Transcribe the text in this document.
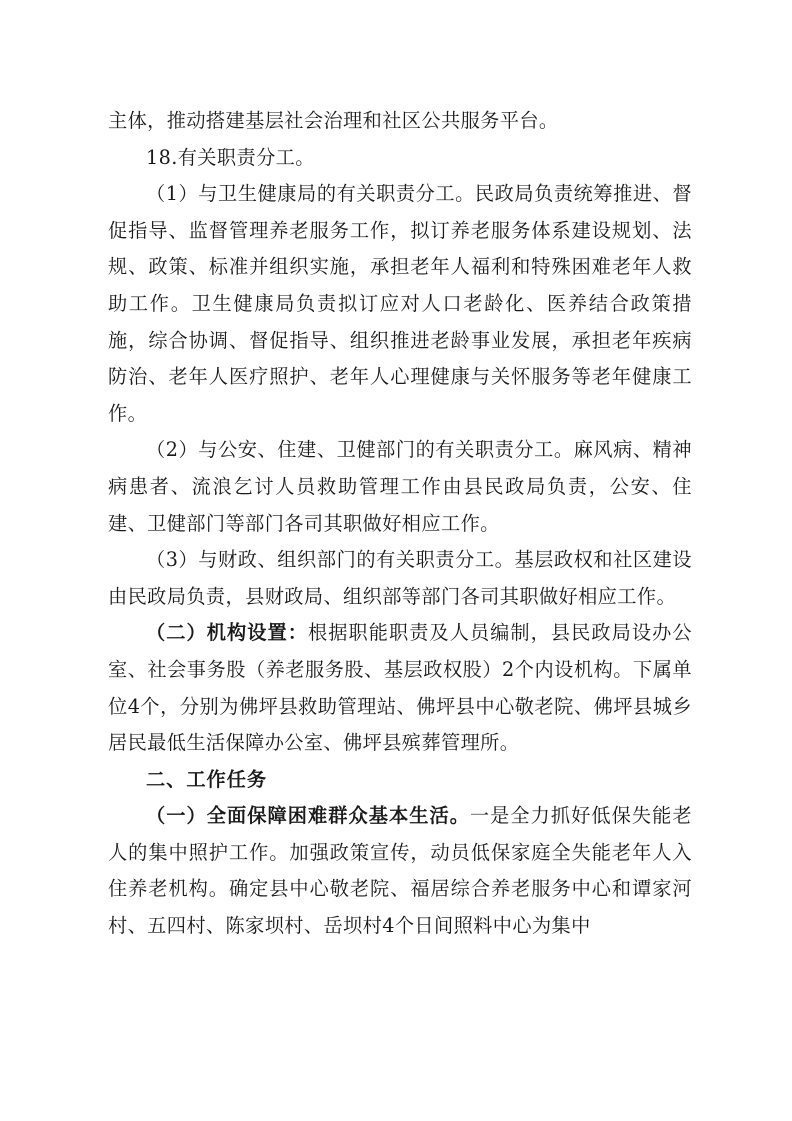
主体，推动搭建基层社会治理和社区公共服务平台。

18.有关职责分工。

（1）与卫生健康局的有关职责分工。民政局负责统筹推进、督促指导、监督管理养老服务工作，拟订养老服务体系建设规划、法规、政策、标准并组织实施，承担老年人福利和特殊困难老年人救助工作。卫生健康局负责拟订应对人口老龄化、医养结合政策措施，综合协调、督促指导、组织推进老龄事业发展，承担老年疾病防治、老年人医疗照护、老年人心理健康与关怀服务等老年健康工作。

（2）与公安、住建、卫健部门的有关职责分工。麻风病、精神病患者、流浪乞讨人员救助管理工作由县民政局负责，公安、住建、卫健部门等部门各司其职做好相应工作。

（3）与财政、组织部门的有关职责分工。基层政权和社区建设由民政局负责，县财政局、组织部等部门各司其职做好相应工作。

（二）机构设置：根据职能职责及人员编制，县民政局设办公室、社会事务股（养老服务股、基层政权股）2个内设机构。下属单位4个，分别为佛坪县救助管理站、佛坪县中心敬老院、佛坪县城乡居民最低生活保障办公室、佛坪县殡葬管理所。

二、工作任务

（一）全面保障困难群众基本生活。一是全力抓好低保失能老人的集中照护工作。加强政策宣传，动员低保家庭全失能老年人入住养老机构。确定县中心敬老院、福居综合养老服务中心和谭家河村、五四村、陈家坝村、岳坝村4个日间照料中心为集中
